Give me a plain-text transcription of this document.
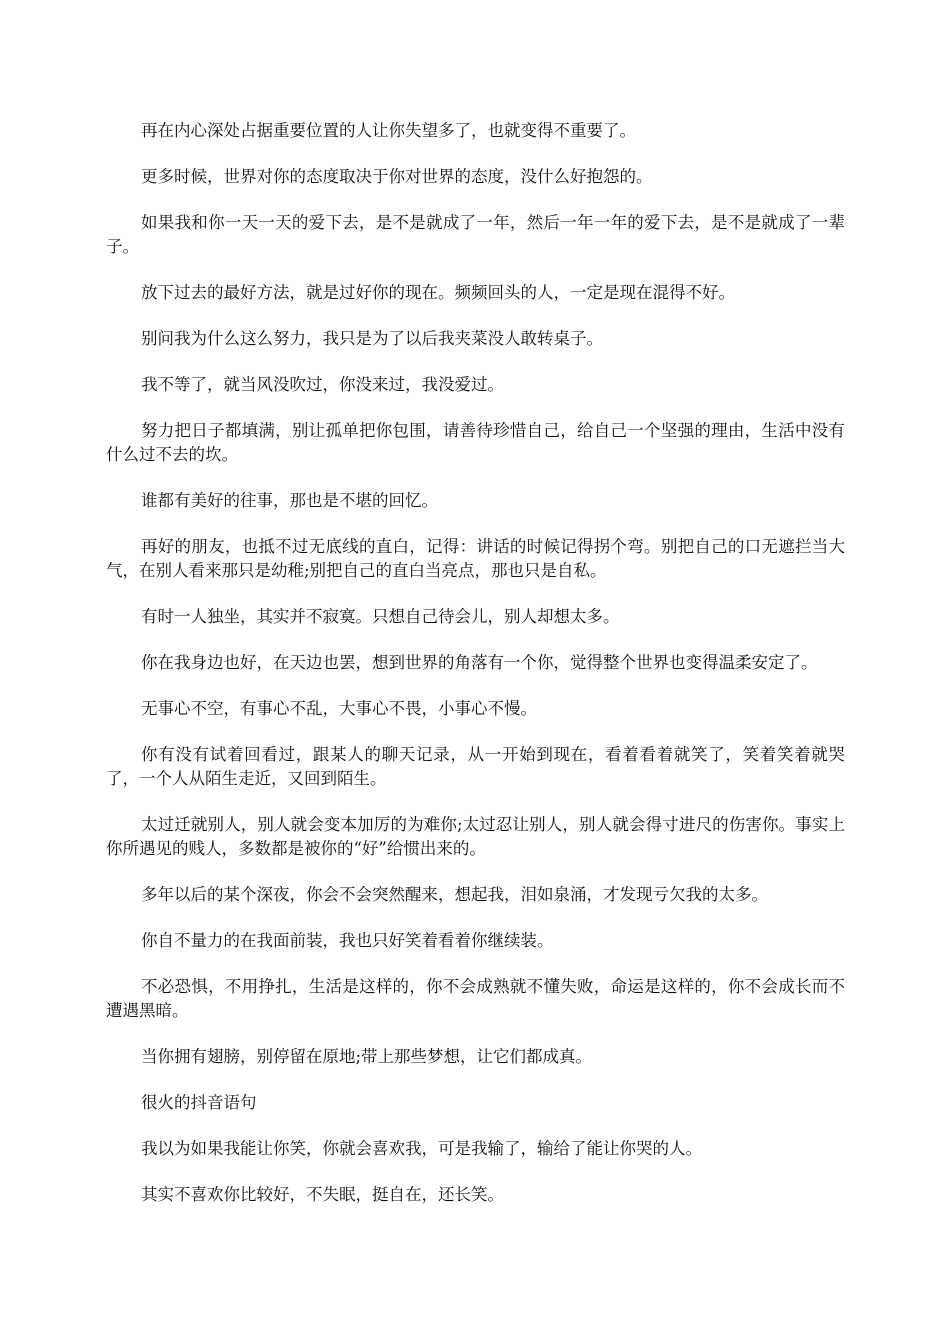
再在内心深处占据重要位置的人让你失望多了，也就变得不重要了。

更多时候，世界对你的态度取决于你对世界的态度，没什么好抱怨的。

如果我和你一天一天的爱下去，是不是就成了一年，然后一年一年的爱下去，是不是就成了一辈子。

放下过去的最好方法，就是过好你的现在。频频回头的人，一定是现在混得不好。

别问我为什么这么努力，我只是为了以后我夹菜没人敢转桌子。

我不等了，就当风没吹过，你没来过，我没爱过。

努力把日子都填满，别让孤单把你包围，请善待珍惜自己，给自己一个坚强的理由，生活中没有什么过不去的坎。

谁都有美好的往事，那也是不堪的回忆。

再好的朋友，也抵不过无底线的直白，记得：讲话的时候记得拐个弯。别把自己的口无遮拦当大气，在别人看来那只是幼稚;别把自己的直白当亮点，那也只是自私。

有时一人独坐，其实并不寂寞。只想自己待会儿，别人却想太多。

你在我身边也好，在天边也罢，想到世界的角落有一个你，觉得整个世界也变得温柔安定了。

无事心不空，有事心不乱，大事心不畏，小事心不慢。

你有没有试着回看过，跟某人的聊天记录，从一开始到现在，看着看着就笑了，笑着笑着就哭了，一个人从陌生走近，又回到陌生。

太过迁就别人，别人就会变本加厉的为难你;太过忍让别人，别人就会得寸进尺的伤害你。事实上你所遇见的贱人，多数都是被你的“好”给惯出来的。

多年以后的某个深夜，你会不会突然醒来，想起我，泪如泉涌，才发现亏欠我的太多。

你自不量力的在我面前装，我也只好笑着看着你继续装。

不必恐惧，不用挣扎，生活是这样的，你不会成熟就不懂失败，命运是这样的，你不会成长而不遭遇黑暗。

当你拥有翅膀，别停留在原地;带上那些梦想，让它们都成真。

很火的抖音语句

我以为如果我能让你笑，你就会喜欢我，可是我输了，输给了能让你哭的人。

其实不喜欢你比较好，不失眠，挺自在，还长笑。
